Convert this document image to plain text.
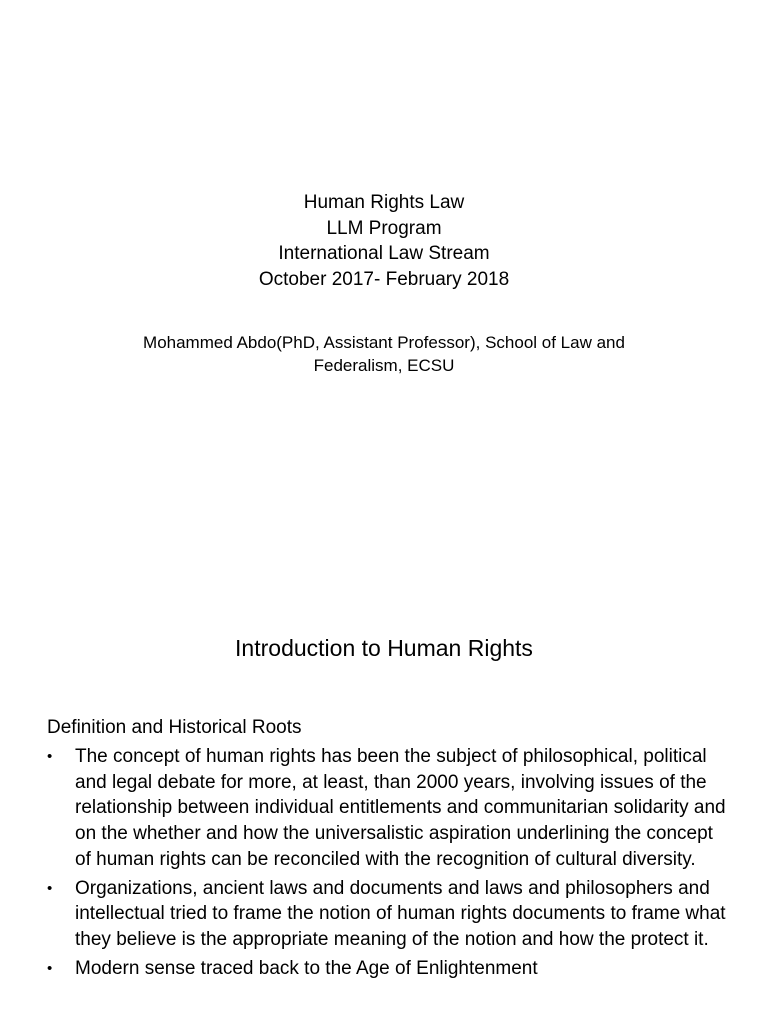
Human Rights Law
LLM Program
International Law Stream
October 2017- February 2018
Mohammed Abdo(PhD, Assistant Professor), School of Law and Federalism, ECSU
Introduction to Human Rights
Definition and Historical Roots
• The concept of human rights has been the subject of philosophical, political and legal debate for more, at least, than 2000 years, involving issues of the relationship between individual entitlements and communitarian solidarity and on the whether and how the universalistic aspiration underlining the concept of human rights can be reconciled with the recognition of cultural diversity.
• Organizations, ancient laws and documents and laws and philosophers and intellectual tried to frame the notion of human rights documents to frame what they believe is the appropriate meaning of the notion and how the protect it.
• Modern sense traced back to the Age of Enlightenment
